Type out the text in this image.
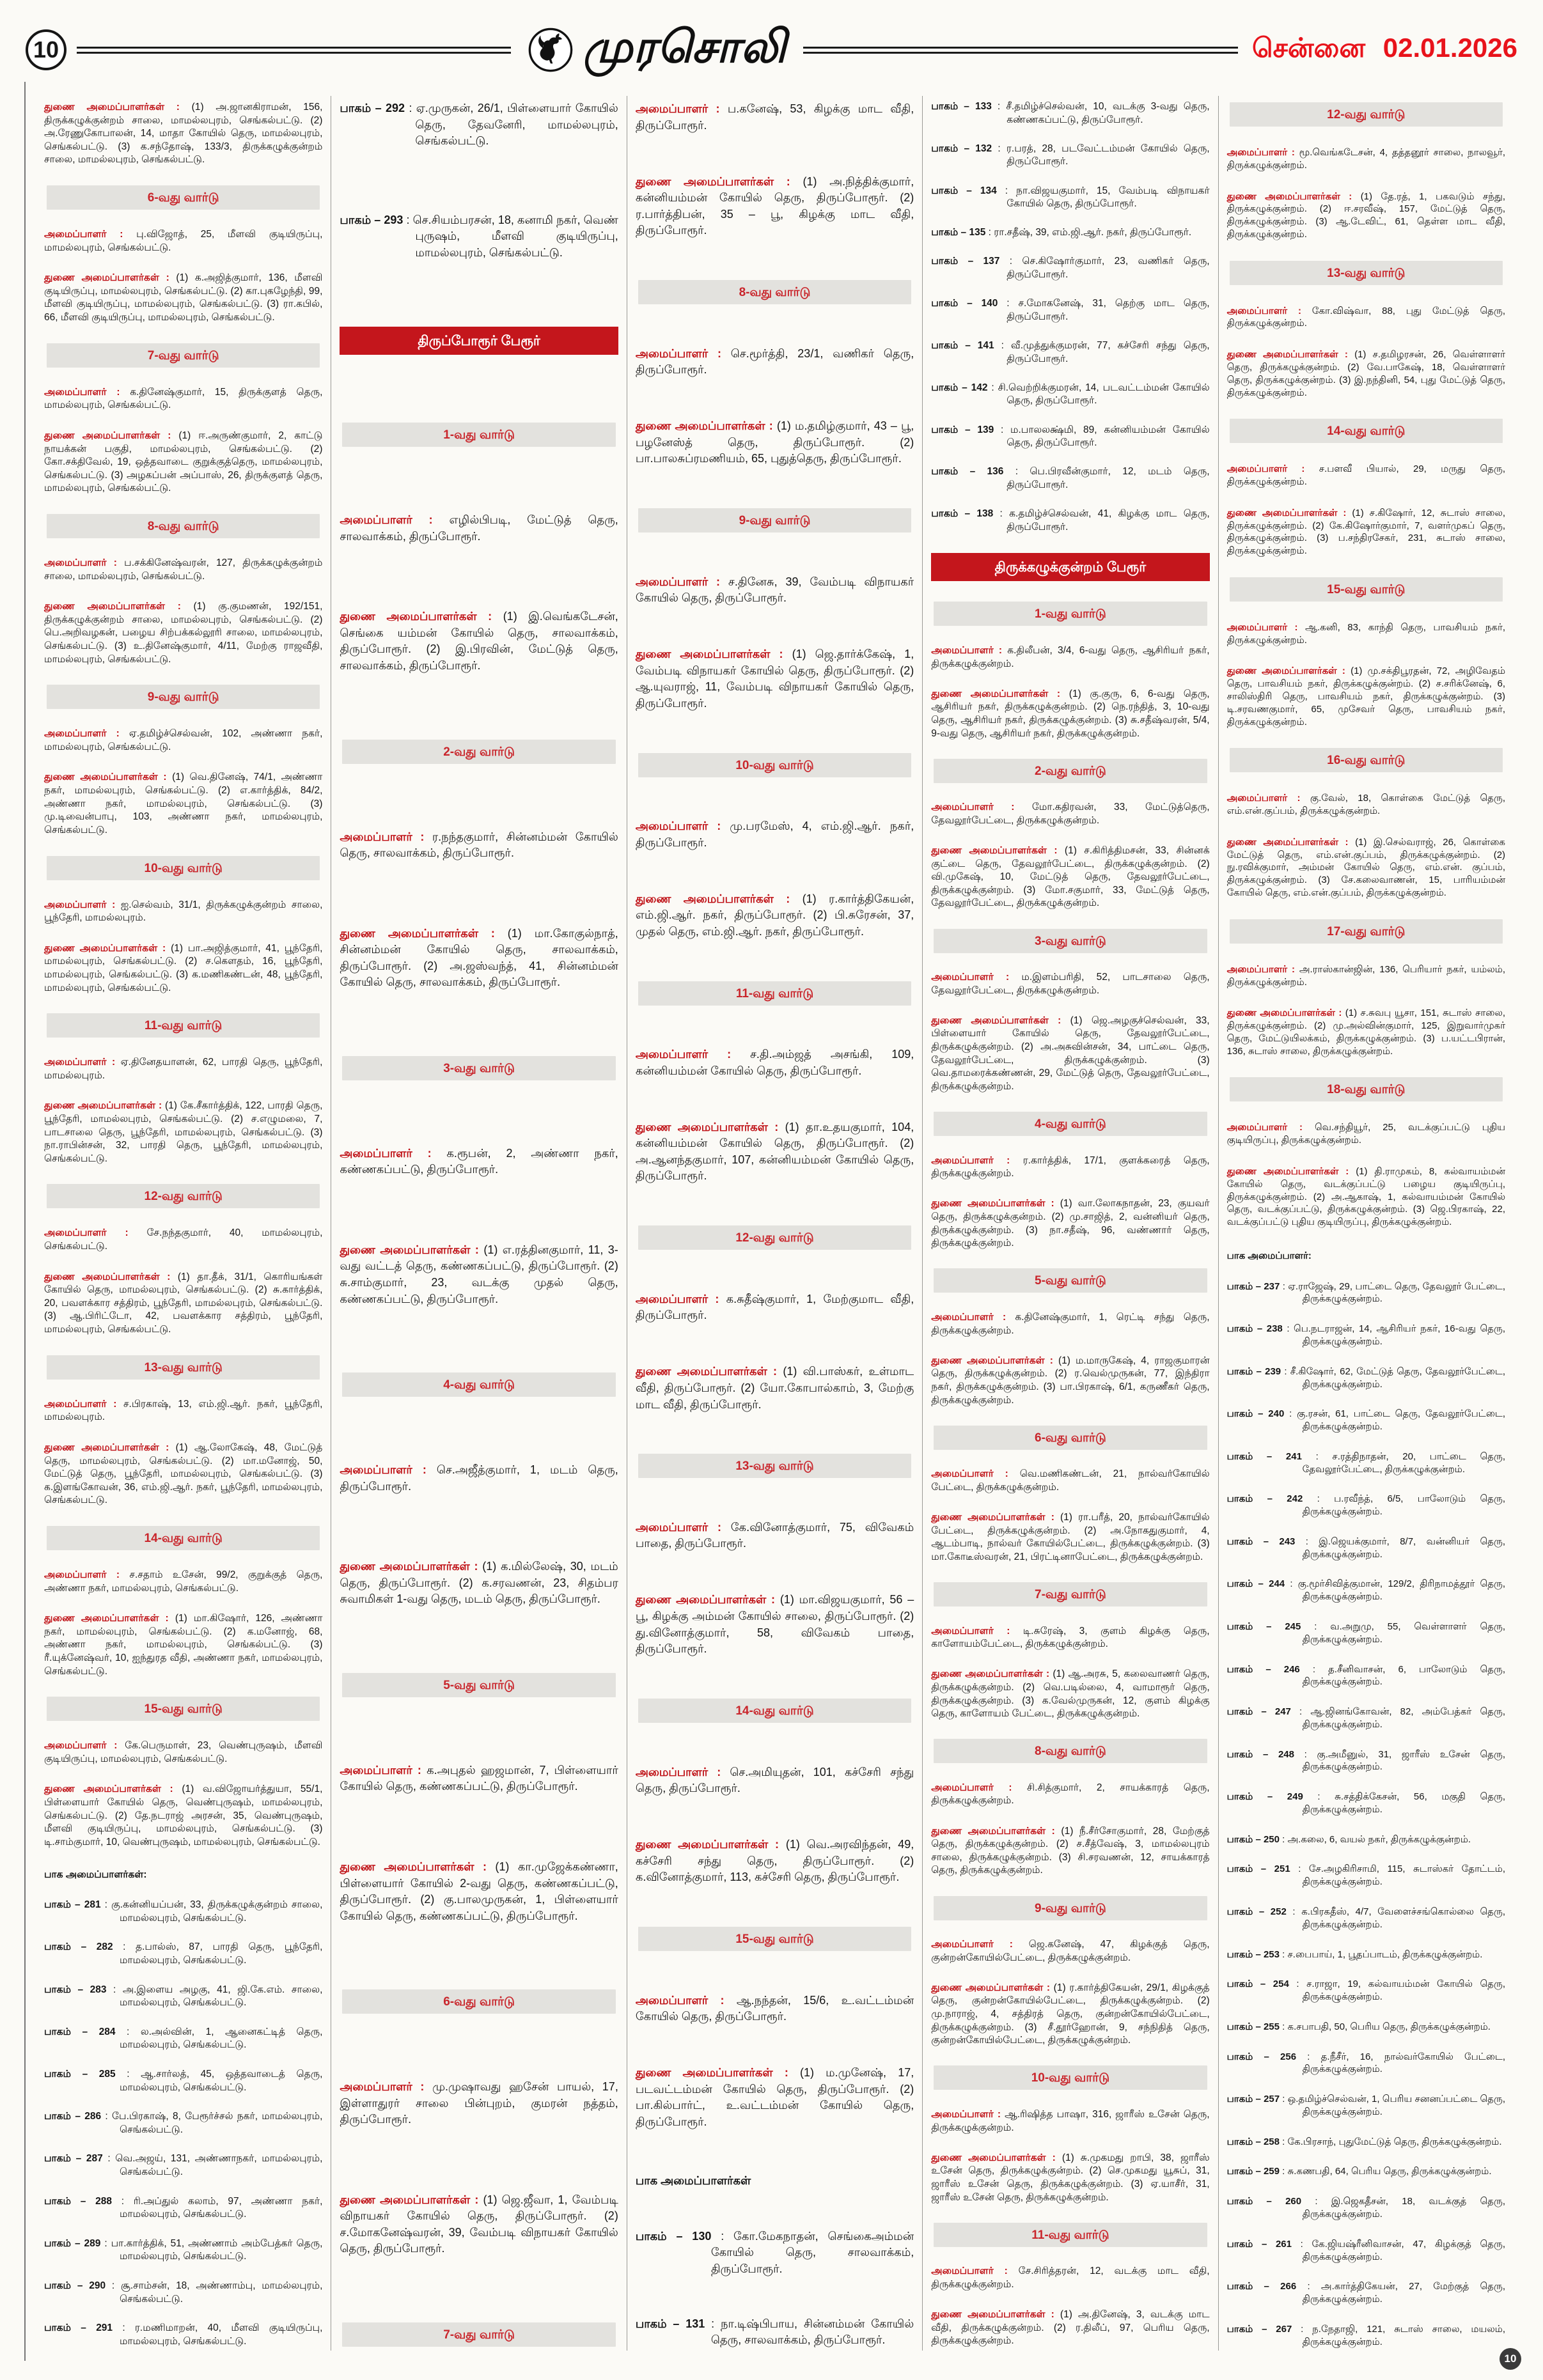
10	முரசொலி	சென்னை 02.01.2026

துணை அமைப்பாளர்கள் : (1) அ.ஜானகிராமன், 156, திருக்கழுக்குன்றம் சாலை, மாமல்லபுரம், செங்கல்பட்டு. (2) அ.ரேணுகோபாலன், 14, மாதா கோயில் தெரு, மாமல்லபுரம், செங்கல்பட்டு. (3) க.சந்தோஷ், 133/3, திருக்கழுக்குன்றம் சாலை, மாமல்லபுரம், செங்கல்பட்டு.

6-வது வார்டு

அமைப்பாளர் : பு.விஜோத், 25, மீளவி குடியிருப்பு, மாமல்லபுரம், செங்கல்பட்டு.

துணை அமைப்பாளர்கள் : (1) க.அஜித்குமார், 136, மீளவி குடியிருப்பு, மாமல்லபுரம், செங்கல்பட்டு. (2) கா.புகழேந்தி, 99, மீளவி குடியிருப்பு, மாமல்லபுரம், செங்கல்பட்டு. (3) ரா.கபில், 66, மீளவி குடியிருப்பு, மாமல்லபுரம், செங்கல்பட்டு.

7-வது வார்டு

அமைப்பாளர் : க.தினேஷ்குமார், 15, திருக்குளத் தெரு, மாமல்லபுரம், செங்கல்பட்டு.

துணை அமைப்பாளர்கள் : (1) ஈ.அருண்குமார், 2, காட்டு நாயக்கன் பகுதி, மாமல்லபுரம், செங்கல்பட்டு. (2) கோ.சக்திவேல், 19, ஒத்தவாடை குறுக்குத்தெரு, மாமல்லபுரம், செங்கல்பட்டு. (3) அழகப்பன் அப்பாஸ், 26, திருக்குளத் தெரு, மாமல்லபுரம், செங்கல்பட்டு.

8-வது வார்டு

அமைப்பாளர் : ப.சக்கினேஷ்வரன், 127, திருக்கழுக்குன்றம் சாலை, மாமல்லபுரம், செங்கல்பட்டு.

துணை அமைப்பாளர்கள் : (1) கு.குமணன், 192/151, திருக்கழுக்குன்றம் சாலை, மாமல்லபுரம், செங்கல்பட்டு. (2) பெ.அறிவழகன், பழைய சிற்பக்கல்லூரி சாலை, மாமல்லபுரம், செங்கல்பட்டு. (3) உ.தினேஷ்குமார், 4/11, மேற்கு ராஜவீதி, மாமல்லபுரம், செங்கல்பட்டு.

9-வது வார்டு

அமைப்பாளர் : ஏ.தமிழ்ச்செல்வன், 102, அண்ணா நகர், மாமல்லபுரம், செங்கல்பட்டு.

துணை அமைப்பாளர்கள் : (1) வெ.தினேஷ், 74/1, அண்ணா நகர், மாமல்லபுரம், செங்கல்பட்டு. (2) எ.கார்த்திக், 84/2, அண்ணா நகர், மாமல்லபுரம், செங்கல்பட்டு. (3) மு.டிவைன்பாபு, 103, அண்ணா நகர், மாமல்லபுரம், செங்கல்பட்டு.

10-வது வார்டு

அமைப்பாளர் : ஐ.செல்வம், 31/1, திருக்கழுக்குன்றம் சாலை, பூந்தேரி, மாமல்லபுரம்.

துணை அமைப்பாளர்கள் : (1) பா.அஜித்குமார், 41, பூந்தேரி, மாமல்லபுரம், செங்கல்பட்டு. (2) ச.கௌதம், 16, பூந்தேரி, மாமல்லபுரம், செங்கல்பட்டு. (3) க.மணிகண்டன், 48, பூந்தேரி, மாமல்லபுரம், செங்கல்பட்டு.

11-வது வார்டு

அமைப்பாளர் : ஏ.தினேதயாளன், 62, பாரதி தெரு, பூந்தேரி, மாமல்லபுரம்.

துணை அமைப்பாளர்கள் : (1) கே.சீகார்த்திக், 122, பாரதி தெரு, பூந்தேரி, மாமல்லபுரம், செங்கல்பட்டு. (2) ச.எழுமலை, 7, பாடசாலை தெரு, பூந்தேரி, மாமல்லபுரம், செங்கல்பட்டு. (3) நா.ராபின்சன், 32, பாரதி தெரு, பூந்தேரி, மாமல்லபுரம், செங்கல்பட்டு.

12-வது வார்டு

அமைப்பாளர் : சே.நந்தகுமார், 40, மாமல்லபுரம், செங்கல்பட்டு.

துணை அமைப்பாளர்கள் : (1) தா.தீக், 31/1, கொரியங்கள் கோயில் தெரு, மாமல்லபுரம், செங்கல்பட்டு. (2) சு.கார்த்திக், 20, பவளக்கார சத்திரம், பூந்தேரி, மாமல்லபுரம், செங்கல்பட்டு. (3) ஆ.பிரிட்டோ, 42, பவளக்கார சத்திரம், பூந்தேரி, மாமல்லபுரம், செங்கல்பட்டு.

13-வது வார்டு

அமைப்பாளர் : ச.பிரகாஷ், 13, எம்.ஜி.ஆர். நகர், பூந்தேரி, மாமல்லபுரம்.

துணை அமைப்பாளர்கள் : (1) ஆ.லோகேஷ், 48, மேட்டுத் தெரு, மாமல்லபுரம், செங்கல்பட்டு. (2) மா.மனோஜ், 50, மேட்டுத் தெரு, பூந்தேரி, மாமல்லபுரம், செங்கல்பட்டு. (3) க.இளங்கோவன், 36, எம்.ஜி.ஆர். நகர், பூந்தேரி, மாமல்லபுரம், செங்கல்பட்டு.

14-வது வார்டு

அமைப்பாளர் : ச.சதாம் உசேன், 99/2, குறுக்குத் தெரு, அண்ணா நகர், மாமல்லபுரம், செங்கல்பட்டு.

துணை அமைப்பாளர்கள் : (1) மா.கிஷோர், 126, அண்ணா நகர், மாமல்லபுரம், செங்கல்பட்டு. (2) க.மனோஜ், 68, அண்ணா நகர், மாமல்லபுரம், செங்கல்பட்டு. (3) ரீ.யுக்னேஷ்வர், 10, ஐந்துரத வீதி, அண்ணா நகர், மாமல்லபுரம், செங்கல்பட்டு.

15-வது வார்டு

அமைப்பாளர் : கே.பெருமாள், 23, வெண்புருஷம், மீளவி குடியிருப்பு, மாமல்லபுரம், செங்கல்பட்டு.

துணை அமைப்பாளர்கள் : (1) வ.விஜோயர்த்துயா, 55/1, பிள்ளையார் கோயில் தெரு, வெண்புருஷம், மாமல்லபுரம், செங்கல்பட்டு. (2) தே.நடராஜ் அரசன், 35, வெண்புருஷம், மீளவி குடியிருப்பு, மாமல்லபுரம், செங்கல்பட்டு. (3) டி.சாம்குமார், 10, வெண்புருஷம், மாமல்லபுரம், செங்கல்பட்டு.

பாக அமைப்பாளர்கள்:

பாகம் – 281 : கு.கன்னியப்பன், 33, திருக்கழுக்குன்றம் சாலை, மாமல்லபுரம், செங்கல்பட்டு.

பாகம் – 282 : த.பால்ஸ், 87, பாரதி தெரு, பூந்தேரி, மாமல்லபுரம், செங்கல்பட்டு.

பாகம் – 283 : அ.இளைய அழகு, 41, ஜி.கே.எம். சாலை, மாமல்லபுரம், செங்கல்பட்டு.

பாகம் – 284 : ல.அல்வின், 1, ஆனைகட்டித் தெரு, மாமல்லபுரம், செங்கல்பட்டு.

பாகம் – 285 : ஆ.சார்லத், 45, ஒத்தவாடைத் தெரு, மாமல்லபுரம், செங்கல்பட்டு.

பாகம் – 286 : பே.பிரகாஷ், 8, பேரூர்ச்சல் நகர், மாமல்லபுரம், செங்கல்பட்டு.

பாகம் – 287 : வெ.அஜய், 131, அண்ணாநகர், மாமல்லபுரம், செங்கல்பட்டு.

பாகம் – 288 : ரி.அப்துல் கலாம், 97, அண்ணா நகர், மாமல்லபுரம், செங்கல்பட்டு.

பாகம் – 289 : பா.கார்த்திக், 51, அண்ணாம் அம்பேத்கர் தெரு, மாமல்லபுரம், செங்கல்பட்டு.

பாகம் – 290 : சூ.சாம்சன், 18, அண்ணாம்பு, மாமல்லபுரம், செங்கல்பட்டு.

பாகம் – 291 : ர.மணிமாறன், 40, மீளவி குடியிருப்பு, மாமல்லபுரம், செங்கல்பட்டு.

பாகம் – 292 : ஏ.முருகன், 26/1, பிள்ளையார் கோயில் தெரு, தேவனேரி, மாமல்லபுரம், செங்கல்பட்டு.

பாகம் – 293 : செ.சியம்பரசன், 18, கனாமி நகர், வெண் புருஷம், மீளவி குடியிருப்பு, மாமல்லபுரம், செங்கல்பட்டு.

திருப்போரூர் பேரூர்
1-வது வார்டு

அமைப்பாளர் : எழில்பிபடி, மேட்டுத் தெரு, சாலவாக்கம், திருப்போரூர்.

துணை அமைப்பாளர்கள் : (1) இ.வெங்கடேசன், செங்கை யம்மன் கோயில் தெரு, சாலவாக்கம், திருப்போரூர். (2) இ.பிரவின், மேட்டுத் தெரு, சாலவாக்கம், திருப்போரூர்.

2-வது வார்டு

அமைப்பாளர் : ர.நந்தகுமார், சின்னம்மன் கோயில் தெரு, சாலவாக்கம், திருப்போரூர்.

துணை அமைப்பாளர்கள் : (1) மா.கோகுல்நாத், சின்னம்மன் கோயில் தெரு, சாலவாக்கம், திருப்போரூர். (2) அ.ஜஸ்வந்த், 41, சின்னம்மன் கோயில் தெரு, சாலவாக்கம், திருப்போரூர்.

3-வது வார்டு

அமைப்பாளர் : க.ரூபன், 2, அண்ணா நகர், கண்ணகப்பட்டு, திருப்போரூர்.

துணை அமைப்பாளர்கள் : (1) எ.ரத்தினகுமார், 11, 3-வது வட்டத் தெரு, கண்ணகப்பட்டு, திருப்போரூர். (2) சு.சாம்குமார், 23, வடக்கு முதல் தெரு, கண்ணகப்பட்டு, திருப்போரூர்.

4-வது வார்டு

அமைப்பாளர் : செ.அஜீத்குமார், 1, மடம் தெரு, திருப்போரூர்.

துணை அமைப்பாளர்கள் : (1) க.மில்லேஷ், 30, மடம் தெரு, திருப்போரூர். (2) க.சரவணன், 23, சிதம்பர சுவாமிகள் 1-வது தெரு, மடம் தெரு, திருப்போரூர்.

5-வது வார்டு

அமைப்பாளர் : க.அபுதல் ஹஜமான், 7, பிள்ளையார் கோயில் தெரு, கண்ணகப்பட்டு, திருப்போரூர்.

துணை அமைப்பாளர்கள் : (1) கா.முஜேக்கண்ணா, பிள்ளையார் கோயில் 2-வது தெரு, கண்ணகப்பட்டு, திருப்போரூர். (2) கு.பாலமுருகன், 1, பிள்ளையார் கோயில் தெரு, கண்ணகப்பட்டு, திருப்போரூர்.

6-வது வார்டு

அமைப்பாளர் : மு.முஷாவது ஹசேன் பாயல், 17, இள்ளாதுரர் சாலை பின்புறம், குமரன் நத்தம், திருப்போரூர்.

துணை அமைப்பாளர்கள் : (1) ஜெ.ஜீவா, 1, வேம்படி விநாயகர் கோயில் தெரு, திருப்போரூர். (2) ச.மோகனேஷ்வரன், 39, வேம்படி விநாயகர் கோயில் தெரு, திருப்போரூர்.

7-வது வார்டு

அமைப்பாளர் : ப.கனேஷ், 53, கிழக்கு மாட வீதி, திருப்போரூர்.

துணை அமைப்பாளர்கள் : (1) அ.நித்திக்குமார், கன்னியம்மன் கோயில் தெரு, திருப்போரூர். (2) ர.பார்த்திபன், 35 – பூ, கிழக்கு மாட வீதி, திருப்போரூர்.

8-வது வார்டு

அமைப்பாளர் : செ.மூர்த்தி, 23/1, வணிகர் தெரு, திருப்போரூர்.

துணை அமைப்பாளர்கள் : (1) ம.தமிழ்குமார், 43 – பூ, பழனேஸ்த் தெரு, திருப்போரூர். (2) பா.பாலசுப்ரமணியம், 65, புதுத்தெரு, திருப்போரூர்.

9-வது வார்டு

அமைப்பாளர் : ச.தினேசு, 39, வேம்படி விநாயகர் கோயில் தெரு, திருப்போரூர்.

துணை அமைப்பாளர்கள் : (1) ஜெ.தார்க்கேஷ், 1, வேம்படி விநாயகர் கோயில் தெரு, திருப்போரூர். (2) ஆ.யுவராஜ், 11, வேம்படி விநாயகர் கோயில் தெரு, திருப்போரூர்.

10-வது வார்டு

அமைப்பாளர் : மு.பரமேஸ், 4, எம்.ஜி.ஆர். நகர், திருப்போரூர்.

துணை அமைப்பாளர்கள் : (1) ர.கார்த்திகேயன், எம்.ஜி.ஆர். நகர், திருப்போரூர். (2) பி.சுரேசன், 37, முதல் தெரு, எம்.ஜி.ஆர். நகர், திருப்போரூர்.

11-வது வார்டு

அமைப்பாளர் : ச.தி.அம்ஜத் அசங்கி, 109, கன்னியம்மன் கோயில் தெரு, திருப்போரூர்.

துணை அமைப்பாளர்கள் : (1) தா.உதயகுமார், 104, கன்னியம்மன் கோயில் தெரு, திருப்போரூர். (2) அ.ஆனந்தகுமார், 107, கன்னியம்மன் கோயில் தெரு, திருப்போரூர்.

12-வது வார்டு

அமைப்பாளர் : க.சுதீஷ்குமார், 1, மேற்குமாட வீதி, திருப்போரூர்.

துணை அமைப்பாளர்கள் : (1) வி.பாஸ்கர், உள்மாட வீதி, திருப்போரூர். (2) யோ.கோபால்காம், 3, மேற்கு மாட வீதி, திருப்போரூர்.

13-வது வார்டு

அமைப்பாளர் : கே.வினோத்குமார், 75, விவேகம் பாதை, திருப்போரூர்.

துணை அமைப்பாளர்கள் : (1) மா.விஜயகுமார், 56 – பூ, கிழக்கு அம்மன் கோயில் சாலை, திருப்போரூர். (2) து.வினோத்குமார், 58, விவேகம் பாதை, திருப்போரூர்.

14-வது வார்டு

அமைப்பாளர் : செ.அமியுதன், 101, கச்சேரி சந்து தெரு, திருப்போரூர்.

துணை அமைப்பாளர்கள் : (1) வெ.அரவிந்தன், 49, கச்சேரி சந்து தெரு, திருப்போரூர். (2) க.வினோத்குமார், 113, கச்சேரி தெரு, திருப்போரூர்.

15-வது வார்டு

அமைப்பாளர் : ஆ.நந்தன், 15/6, உ.வட்டம்மன் கோயில் தெரு, திருப்போரூர்.

துணை அமைப்பாளர்கள் : (1) ம.முனேஷ், 17, படவட்டம்மன் கோயில் தெரு, திருப்போரூர். (2) பா.கில்பார்ட், உ.வட்டம்மன் கோயில் தெரு, திருப்போரூர்.

பாக அமைப்பாளர்கள்

பாகம் – 130 : கோ.மேகநாதன், செங்கைஅம்மன் கோயில் தெரு, சாலவாக்கம், திருப்போரூர்.

பாகம் – 131 : நா.டிஷ்பிபாய, சின்னம்மன் கோயில் தெரு, சாலவாக்கம், திருப்போரூர்.

பாகம் – 133 : சீ.தமிழ்ச்செல்வன், 10, வடக்கு 3-வது தெரு, கண்ணகப்பட்டு, திருப்போரூர்.

பாகம் – 132 : ர.பரத், 28, படவேட்டம்மன் கோயில் தெரு, திருப்போரூர்.

பாகம் – 134 : நா.விஜயகுமார், 15, வேம்படி விநாயகர் கோயில் தெரு, திருப்போரூர்.

பாகம் – 135 : ரா.சதீஷ், 39, எம்.ஜி.ஆர். நகர், திருப்போரூர்.

பாகம் – 137 : செ.கிஷோர்குமார், 23, வணிகர் தெரு, திருப்போரூர்.

பாகம் – 140 : ச.மோகனேஷ், 31, தெற்கு மாட தெரு, திருப்போரூர்.

பாகம் – 141 : வீ.முத்துக்குமரன், 77, கச்சேரி சந்து தெரு, திருப்போரூர்.

பாகம் – 142 : சி.வெற்றிக்குமரன், 14, படவட்டம்மன் கோயில் தெரு, திருப்போரூர்.

பாகம் – 139 : ம.பாலலக்ஷ்மி, 89, கன்னியம்மன் கோயில் தெரு, திருப்போரூர்.

பாகம் – 136 : பெ.பிரவீன்குமார், 12, மடம் தெரு, திருப்போரூர்.

பாகம் – 138 : க.தமிழ்ச்செல்வன், 41, கிழக்கு மாட தெரு, திருப்போரூர்.

திருக்கழுக்குன்றம் பேரூர்
1-வது வார்டு

அமைப்பாளர் : க.திலீபன், 3/4, 6-வது தெரு, ஆசிரியர் நகர், திருக்கழுக்குன்றம்.

துணை அமைப்பாளர்கள் : (1) கு.குரு, 6, 6-வது தெரு, ஆசிரியர் நகர், திருக்கழுக்குன்றம். (2) நெ.ரந்தித், 3, 10-வது தெரு, ஆசிரியர் நகர், திருக்கழுக்குன்றம். (3) சு.சதீஷ்வரன், 5/4, 9-வது தெரு, ஆசிரியர் நகர், திருக்கழுக்குன்றம்.

2-வது வார்டு

அமைப்பாளர் : மோ.கதிரவன், 33, மேட்டுத்தெரு, தேவலூர்பேட்டை, திருக்கழுக்குன்றம்.

துணை அமைப்பாளர்கள் : (1) ச.கிரித்திமசன், 33, சின்னக் குட்டை தெரு, தேவலூர்பேட்டை, திருக்கழுக்குன்றம். (2) வி.முகேஷ், 10, மேட்டுத் தெரு, தேவலூர்பேட்டை, திருக்கழுக்குன்றம். (3) மோ.சகுமார், 33, மேட்டுத் தெரு, தேவலூர்பேட்டை, திருக்கழுக்குன்றம்.

3-வது வார்டு

அமைப்பாளர் : ம.இளம்பரிதி, 52, பாடசாலை தெரு, தேவலூர்பேட்டை, திருக்கழுக்குன்றம்.

துணை அமைப்பாளர்கள் : (1) ஜெ.அழகுச்செல்வன், 33, பிள்ளையார் கோயில் தெரு, தேவலூர்பேட்டை, திருக்கழுக்குன்றம். (2) அ.அசுவின்சன், 34, பாட்டை தெரு, தேவலூர்பேட்டை, திருக்கழுக்குன்றம். (3) வெ.தாமரைக்கண்ணன், 29, மேட்டுத் தெரு, தேவலூர்பேட்டை, திருக்கழுக்குன்றம்.

4-வது வார்டு

அமைப்பாளர் : ர.கார்த்திக், 17/1, குளக்கரைத் தெரு, திருக்கழுக்குன்றம்.

துணை அமைப்பாளர்கள் : (1) வா.லோகநாதன், 23, குயவர் தெரு, திருக்கழுக்குன்றம். (2) மு.சாஜித், 2, வன்னியர் தெரு, திருக்கழுக்குன்றம். (3) நா.சதீஷ், 96, வண்ணார் தெரு, திருக்கழுக்குன்றம்.

5-வது வார்டு

அமைப்பாளர் : க.தினேஷ்குமார், 1, ரெட்டி சந்து தெரு, திருக்கழுக்குன்றம்.

துணை அமைப்பாளர்கள் : (1) ம.மாருகேஷ், 4, ராஜகுமாரன் தெரு, திருக்கழுக்குன்றம். (2) ர.வெல்முருகன், 77, இந்திரா நகர், திருக்கழுக்குன்றம். (3) பா.பிரகாஷ், 6/1, கருணீகர் தெரு, திருக்கழுக்குன்றம்.

6-வது வார்டு

அமைப்பாளர் : வெ.மணிகண்டன், 21, நால்வர்கோயில் பேட்டை, திருக்கழுக்குன்றம்.

துணை அமைப்பாளர்கள் : (1) ரா.பரீத், 20, நால்வர்கோயில் பேட்டை, திருக்கழுக்குன்றம். (2) அ.நோகதுகுமார், 4, ஆடம்பாடி, நால்வர் கோயில்பேட்டை, திருக்கழுக்குன்றம். (3) மா.கோடீஸ்வரன், 21, பிரட்டினாபேட்டை, திருக்கழுக்குன்றம்.

7-வது வார்டு

அமைப்பாளர் : டி.சுரேஷ், 3, குளம் கிழக்கு தெரு, காளோயம்பேட்டை, திருக்கழுக்குன்றம்.

துணை அமைப்பாளர்கள் : (1) ஆ.அரசு, 5, கலைவாணர் தெரு, திருக்கழுக்குன்றம். (2) வெ.படில்லை, 4, வாமாரூர் தெரு, திருக்கழுக்குன்றம். (3) க.வேல்முருகன், 12, குளம் கிழக்கு தெரு, காளோயம் பேட்டை, திருக்கழுக்குன்றம்.

8-வது வார்டு

அமைப்பாளர் : சி.சித்குமார், 2, சாயக்காரத் தெரு, திருக்கழுக்குன்றம்.

துணை அமைப்பாளர்கள் : (1) நீ.சீர்சோகுமார், 28, மேற்குத் தெரு, திருக்கழுக்குன்றம். (2) ச.சீத்வேஷ், 3, மாமல்லபுரம் சாலை, திருக்கழுக்குன்றம். (3) சி.சரவணன், 12, சாயக்காரத் தெரு, திருக்கழுக்குன்றம்.

9-வது வார்டு

அமைப்பாளர் : ஜெ.கனேஷ், 47, கிழக்குத் தெரு, குன்றன்கோயில்பேட்டை, திருக்கழுக்குன்றம்.

துணை அமைப்பாளர்கள் : (1) ர.கார்த்திகேயன், 29/1, கிழக்குத் தெரு, குன்றன்கோயில்பேட்டை, திருக்கழுக்குன்றம். (2) மு.நாராஜ், 4, சத்திரத் தெரு, குன்றன்கோயில்பேட்டை, திருக்கழுக்குன்றம். (3) சீ.தூர்ஹோன், 9, சந்நிதித் தெரு, குன்றன்கோயில்பேட்டை, திருக்கழுக்குன்றம்.

10-வது வார்டு

அமைப்பாளர் : ஆ.ரிஷித்த பாஷா, 316, ஜாரீஸ் உசேன் தெரு, திருக்கழுக்குன்றம்.

துணை அமைப்பாளர்கள் : (1) சு.முகமது றாபி, 38, ஜாரீஸ் உசேன் தெரு, திருக்கழுக்குன்றம். (2) செ.முகமது யூசுப், 31, ஜாரீஸ் உசேன் தெரு, திருக்கழுக்குன்றம். (3) ஏ.யாசீர், 31, ஜாரீஸ் உசேன் தெரு, திருக்கழுக்குன்றம்.

11-வது வார்டு

அமைப்பாளர் : சே.சிரித்தரன், 12, வடக்கு மாட வீதி, திருக்கழுக்குன்றம்.

துணை அமைப்பாளர்கள் : (1) அ.தினேஷ், 3, வடக்கு மாட வீதி, திருக்கழுக்குன்றம். (2) ர.திலீப், 97, பெரிய தெரு, திருக்கழுக்குன்றம்.

12-வது வார்டு

அமைப்பாளர் : மூ.வெங்கடேசன், 4, தத்தனூர் சாலை, நாலவூர், திருக்கழுக்குன்றம்.

துணை அமைப்பாளர்கள் : (1) தே.ரத், 1, பகவடும் சந்து, திருக்கழுக்குன்றம். (2) ஈ.சரவீஷ், 157, மேட்டுத் தெரு, திருக்கழுக்குன்றம். (3) ஆ.டேவிட், 61, தெள்ள மாட வீதி, திருக்கழுக்குன்றம்.

13-வது வார்டு

அமைப்பாளர் : கோ.விஷ்வா, 88, புது மேட்டுத் தெரு, திருக்கழுக்குன்றம்.

துணை அமைப்பாளர்கள் : (1) ச.தமிழரசன், 26, வெள்ளாளர் தெரு, திருக்கழுக்குன்றம். (2) வே.பாகேஷ், 18, வெள்ளாளர் தெரு, திருக்கழுக்குன்றம். (3) இ.நந்தினி, 54, புது மேட்டுத் தெரு, திருக்கழுக்குன்றம்.

14-வது வார்டு

அமைப்பாளர் : ச.பளவீ பியால், 29, மருது தெரு, திருக்கழுக்குன்றம்.

துணை அமைப்பாளர்கள் : (1) ச.கிஷோர், 12, சுடாஸ் சாலை, திருக்கழுக்குன்றம். (2) கே.கிஷோர்குமார், 7, வளர்முகப் தெரு, திருக்கழுக்குன்றம். (3) ப.சந்திரசேகர், 231, சுடாஸ் சாலை, திருக்கழுக்குன்றம்.

15-வது வார்டு

அமைப்பாளர் : ஆ.கனி, 83, காந்தி தெரு, பாவசியம் நகர், திருக்கழுக்குன்றம்.

துணை அமைப்பாளர்கள் : (1) மு.சக்திபூரதன், 72, அழிவேதம் தெரு, பாவசியம் நகர், திருக்கழுக்குன்றம். (2) ச.சரிக்னேஷ், 6, சாலிஸ்திரி தெரு, பாவசியம் நகர், திருக்கழுக்குன்றம். (3) டி.சரவணகுமார், 65, முசேவர் தெரு, பாவசியம் நகர், திருக்கழுக்குன்றம்.

16-வது வார்டு

அமைப்பாளர் : கு.வேல், 18, கொள்கை மேட்டுத் தெரு, எம்.என்.குப்பம், திருக்கழுக்குன்றம்.

துணை அமைப்பாளர்கள் : (1) இ.செல்வராஜ், 26, கொள்கை மேட்டுத் தெரு, எம்.என்.குப்பம், திருக்கழுக்குன்றம். (2) நு.ரவிக்குமார், அம்மன் கோயில் தெரு, எம்.என். குப்பம், திருக்கழுக்குன்றம். (3) சே.கலைவாணன், 15, பாரியம்மன் கோயில் தெரு, எம்.என்.குப்பம், திருக்கழுக்குன்றம்.

17-வது வார்டு

அமைப்பாளர் : அ.ராஸ்கான்ஜின், 136, பெரியார் நகர், யம்லம், திருக்கழுக்குன்றம்.

துணை அமைப்பாளர்கள் : (1) ச.சுவபு யூசா, 151, சுடாஸ் சாலை, திருக்கழுக்குன்றம். (2) மு.அல்வின்குமார், 125, இறுவார்முகர் தெரு, மேட்டுயிலக்கம், திருக்கழுக்குன்றம். (3) ப.யட்டபிரான், 136, சுடாஸ் சாலை, திருக்கழுக்குன்றம்.

18-வது வார்டு

அமைப்பாளர் : வெ.சந்தியூர், 25, வடக்குப்பட்டு புதிய குடியிருப்பு, திருக்கழுக்குன்றம்.

துணை அமைப்பாளர்கள் : (1) தி.ராமுகம், 8, கல்வாயம்மன் கோயில் தெரு, வடக்குப்பட்டு பழைய குடியிருப்பு, திருக்கழுக்குன்றம். (2) அ.ஆகாஷ், 1, கல்வாயம்மன் கோயில் தெரு, வடக்குப்பட்டு, திருக்கழுக்குன்றம். (3) ஜெ.பிரகாஷ், 22, வடக்குப்பட்டு புதிய குடியிருப்பு, திருக்கழுக்குன்றம்.

பாக அமைப்பாளர்:

பாகம் – 237 : ஏ.ராஜேஷ், 29, பாட்டை தெரு, தேவலூர் பேட்டை, திருக்கழுக்குன்றம்.

பாகம் – 238 : பெ.நடராஜன், 14, ஆசிரியர் நகர், 16-வது தெரு, திருக்கழுக்குன்றம்.

பாகம் – 239 : சீ.கிஷோர், 62, மேட்டுத் தெரு, தேவலூர்பேட்டை, திருக்கழுக்குன்றம்.

பாகம் – 240 : கு.ரசன், 61, பாட்டை தெரு, தேவலூர்பேட்டை, திருக்கழுக்குன்றம்.

பாகம் – 241 : ச.ரத்திநாதன், 20, பாட்டை தெரு, தேவலூர்பேட்டை, திருக்கழுக்குன்றம்.

பாகம் – 242 : ப.ரவீந்த், 6/5, பாலோடும் தெரு, திருக்கழுக்குன்றம்.

பாகம் – 243 : இ.ஜெயக்குமார், 8/7, வன்னியர் தெரு, திருக்கழுக்குன்றம்.

பாகம் – 244 : கு.மூர்சிவித்குமான், 129/2, திரிநாமத்தூர் தெரு, திருக்கழுக்குன்றம்.

பாகம் – 245 : வ.அறுமு, 55, வெள்ளாளர் தெரு, திருக்கழுக்குன்றம்.

பாகம் – 246 : த.சீனிவாசன், 6, பாலோடும் தெரு, திருக்கழுக்குன்றம்.

பாகம் – 247 : ஆ.ஜினங்கோவன், 82, அம்பேத்கர் தெரு, திருக்கழுக்குன்றம்.

பாகம் – 248 : கு.அமீனுல், 31, ஜாரீஸ் உசேன் தெரு, திருக்கழுக்குன்றம்.

பாகம் – 249 : சு.சத்திக்கேசன், 56, மகுதி தெரு, திருக்கழுக்குன்றம்.

பாகம் – 250 : அ.கலை, 6, வயல் நகர், திருக்கழுக்குன்றம்.

பாகம் – 251 : சே.அழகிரிசாமி, 115, சுடாஸ்கர் தோட்டம், திருக்கழுக்குன்றம்.

பாகம் – 252 : க.பிரகதீஸ், 4/7, வேளைச்சங்கொல்லை தெரு, திருக்கழுக்குன்றம்.

பாகம் – 253 : ச.பைபாய், 1, பூதப்பாடம், திருக்கழுக்குன்றம்.

பாகம் – 254 : ச.ராஜா, 19, கல்வாயம்மன் கோயில் தெரு, திருக்கழுக்குன்றம்.

பாகம் – 255 : க.சபாபதி, 50, பெரிய தெரு, திருக்கழுக்குன்றம்.

பாகம் – 256 : த.நீசீர், 16, நால்வர்கோயில் பேட்டை, திருக்கழுக்குன்றம்.

பாகம் – 257 : ஒ.தமிழ்ச்செல்வன், 1, பெரிய சனனப்பட்டை தெரு, திருக்கழுக்குன்றம்.

பாகம் – 258 : கே.பிரசாந், புதுமேட்டுத் தெரு, திருக்கழுக்குன்றம்.

பாகம் – 259 : சு.கணபதி, 64, பெரிய தெரு, திருக்கழுக்குன்றம்.

பாகம் – 260 : இ.ஜெகதீசன், 18, வடக்குத் தெரு, திருக்கழுக்குன்றம்.

பாகம் – 261 : கே.ஜியஷ்ரீனிவாசன், 47, கிழக்குத் தெரு, திருக்கழுக்குன்றம்.

பாகம் – 266 : அ.கார்த்திகேயன், 27, மேற்குத் தெரு, திருக்கழுக்குன்றம்.

பாகம் – 267 : ந.நேதாஜி, 121, சுடாஸ் சாலை, மயலம், திருக்கழுக்குன்றம்.

10
